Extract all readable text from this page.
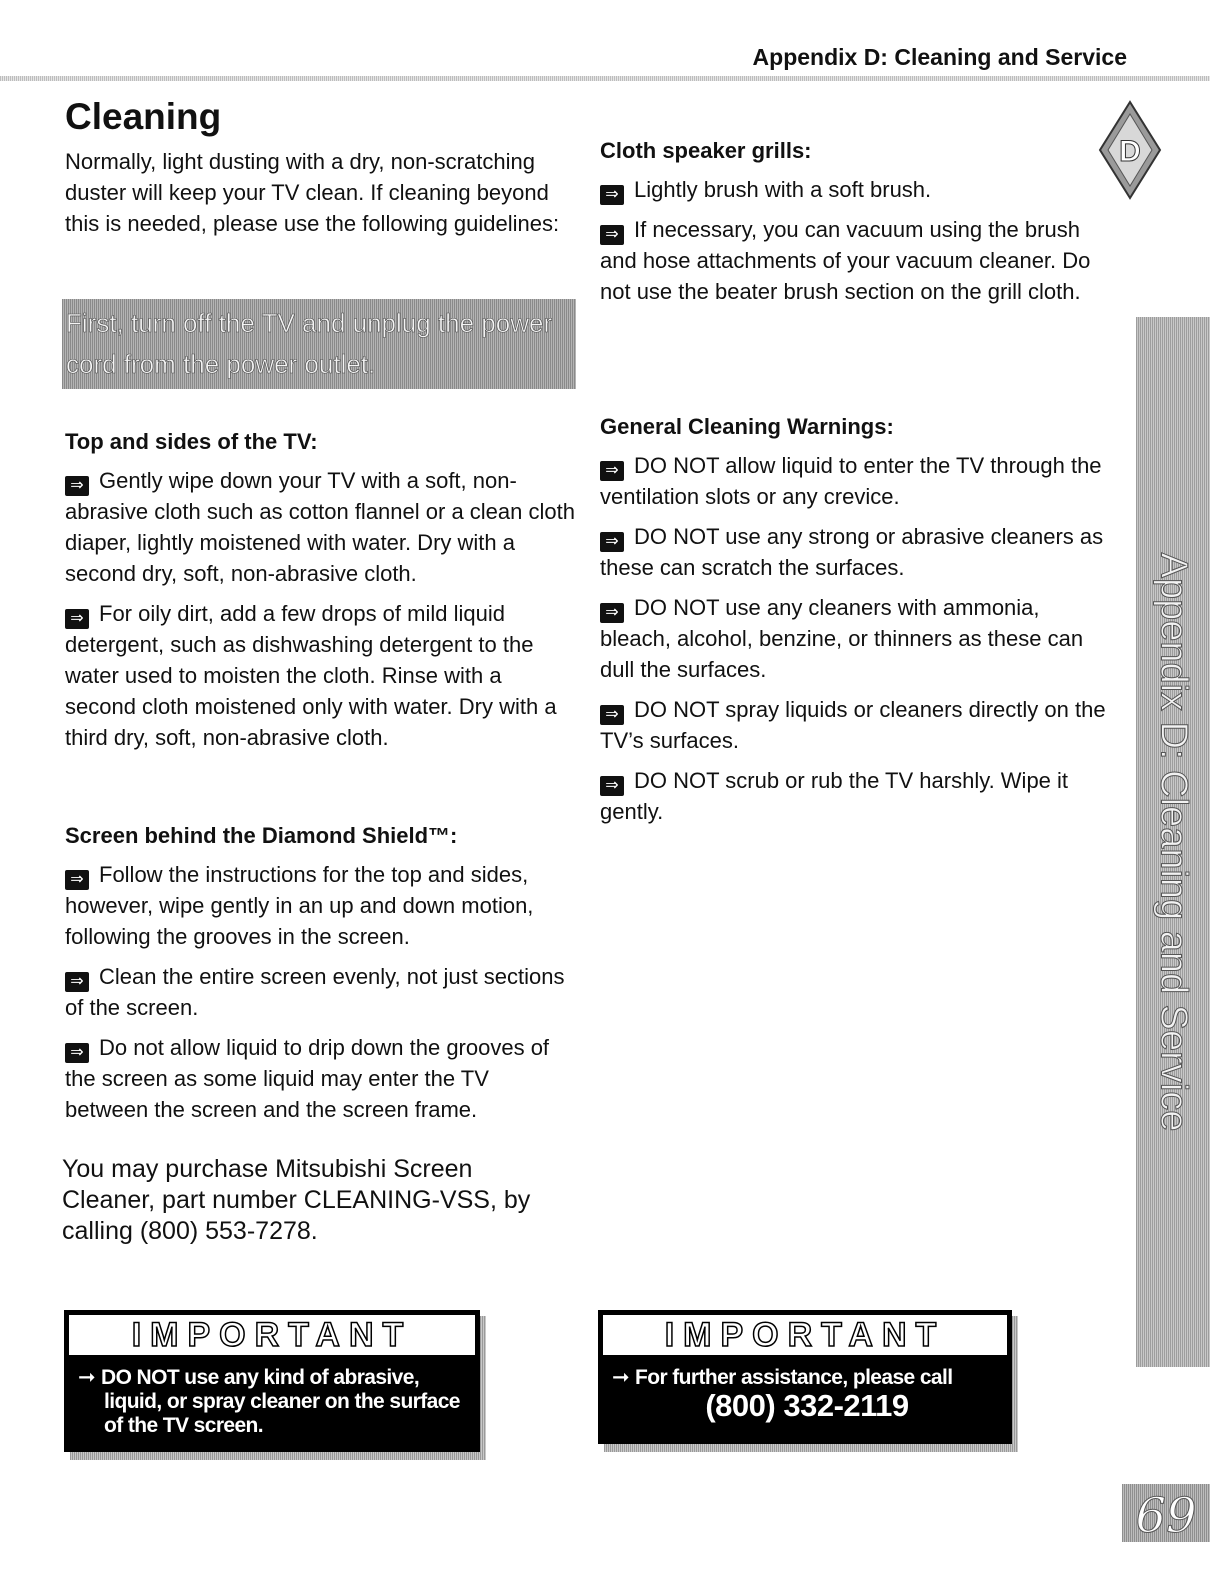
Appendix D: Cleaning and Service
D
Appendix D: Cleaning and Service
Cleaning
Normally, light dusting with a dry, non-scratching duster will keep your TV clean. If cleaning beyond this is needed, please use the following guidelines:
First, turn off the TV and unplug the power cord from the power outlet.
Top and sides of the TV:
⇒ Gently wipe down your TV with a soft, non-abrasive cloth such as cotton flannel or a clean cloth diaper, lightly moistened with water. Dry with a second dry, soft, non-abrasive cloth.
⇒ For oily dirt, add a few drops of mild liquid detergent, such as dishwashing detergent to the water used to moisten the cloth. Rinse with a second cloth moistened only with water. Dry with a third dry, soft, non-abrasive cloth.
Screen behind the Diamond Shield™:
⇒ Follow the instructions for the top and sides, however, wipe gently in an up and down motion, following the grooves in the screen.
⇒ Clean the entire screen evenly, not just sections of the screen.
⇒ Do not allow liquid to drip down the grooves of the screen as some liquid may enter the TV between the screen and the screen frame.
You may purchase Mitsubishi Screen Cleaner, part number CLEANING-VSS, by calling (800) 553-7278.
Cloth speaker grills:
⇒ Lightly brush with a soft brush.
⇒ If necessary, you can vacuum using the brush and hose attachments of your vacuum cleaner. Do not use the beater brush section on the grill cloth.
General Cleaning Warnings:
⇒ DO NOT allow liquid to enter the TV through the ventilation slots or any crevice.
⇒ DO NOT use any strong or abrasive cleaners as these can scratch the surfaces.
⇒ DO NOT use any cleaners with ammonia, bleach, alcohol, benzine, or thinners as these can dull the surfaces.
⇒ DO NOT spray liquids or cleaners directly on the TV’s surfaces.
⇒ DO NOT scrub or rub the TV harshly. Wipe it gently.
IMPORTANT
➞ DO NOT use any kind of abrasive, liquid, or spray cleaner on the surface of the TV screen.
IMPORTANT
➞ For further assistance, please call
(800) 332-2119
69
